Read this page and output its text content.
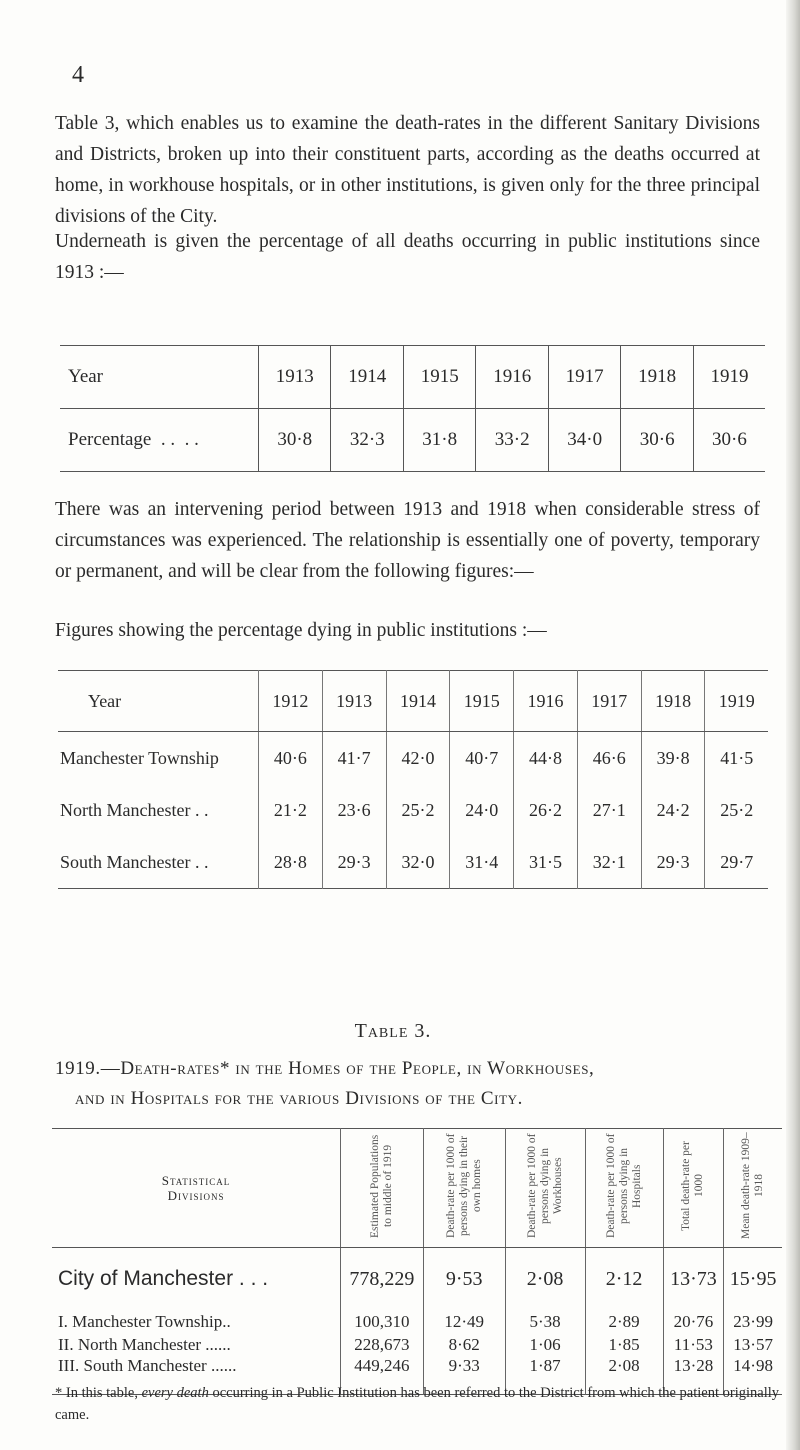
4

Table 3, which enables us to examine the death-rates in the different Sanitary Divisions and Districts, broken up into their constituent parts, according as the deaths occurred at home, in workhouse hospitals, or in other institutions, is given only for the three principal divisions of the City.

Underneath is given the percentage of all deaths occurring in public institutions since 1913 :—

Year	1913	1914	1915	1916	1917	1918	1919
Percentage  . .  . .	30·8	32·3	31·8	33·2	34·0	30·6	30·6

There was an intervening period between 1913 and 1918 when considerable stress of circumstances was experienced. The relationship is essentially one of poverty, temporary or permanent, and will be clear from the following figures:—

Figures showing the percentage dying in public institutions :—
Year	1912	1913	1914	1915	1916	1917	1918	1919
Manchester Township	40·6	41·7	42·0	40·7	44·8	46·6	39·8	41·5
North Manchester . .	21·2	23·6	25·2	24·0	26·2	27·1	24·2	25·2
South Manchester . .	28·8	29·3	32·0	31·4	31·5	32·1	29·3	29·7
Table 3.
1919.—Death-rates* in the Homes of the People, in Workhouses,
and in Hospitals for the various Divisions of the City.
Statistical
Divisions	Estimated Populations to middle of 1919	Death-rate per 1000 of persons dying in their own homes	Death-rate per 1000 of persons dying in Workhouses	Death-rate per 1000 of persons dying in Hospitals	Total death-rate per 1000	Mean death-rate 1909–1918
City of Manchester . . .	778,229	9·53	2·08	2·12	13·73	15·95
I. Manchester Township..	100,310	12·49	5·38	2·89	20·76	23·99
II. North Manchester ......	228,673	8·62	1·06	1·85	11·53	13·57
III. South Manchester ......	449,246	9·33	1·87	2·08	13·28	14·98
* In this table, every death occurring in a Public Institution has been referred to the District from which the patient originally came.
